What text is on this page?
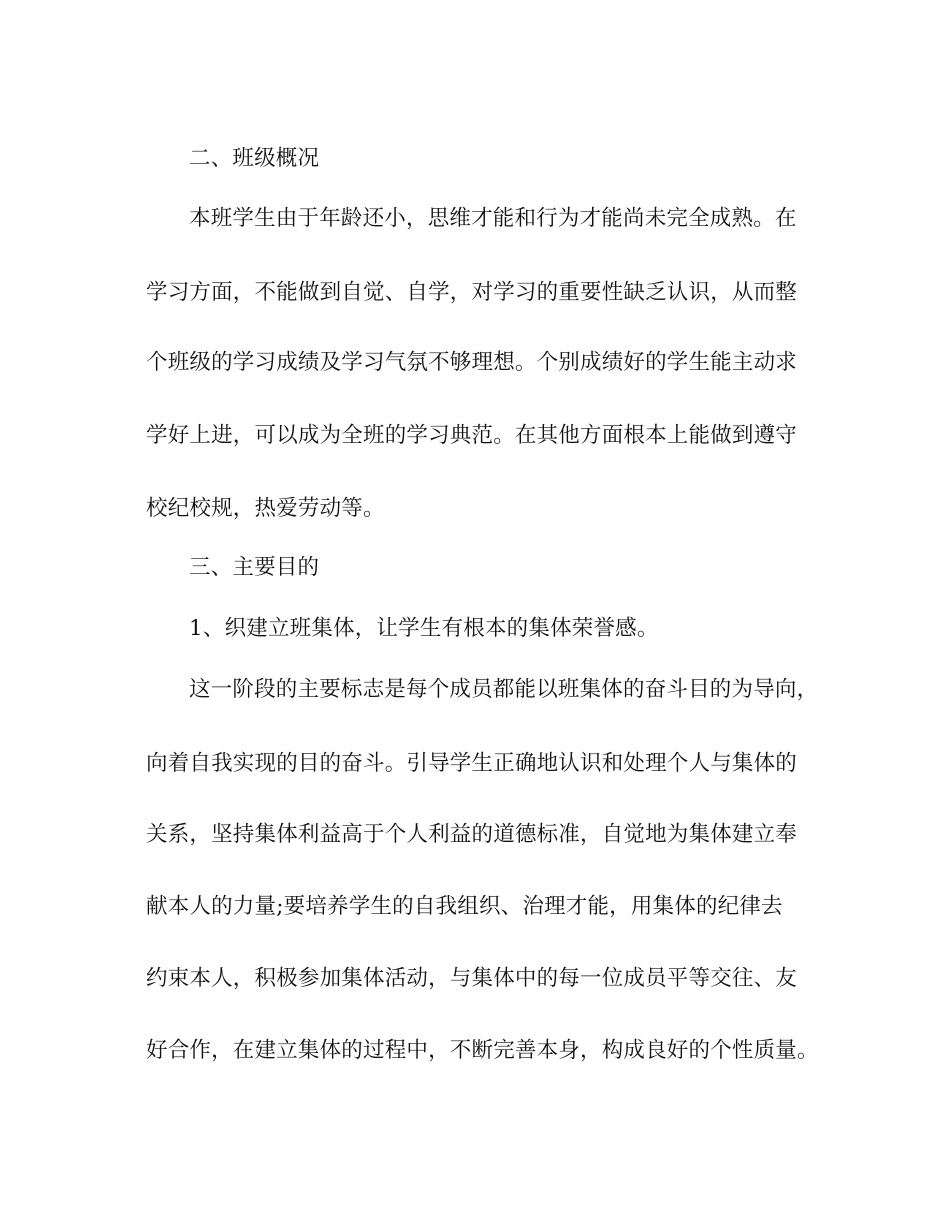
二、班级概况
本班学生由于年龄还小，思维才能和行为才能尚未完全成熟。在
学习方面，不能做到自觉、自学，对学习的重要性缺乏认识，从而整
个班级的学习成绩及学习气氛不够理想。个别成绩好的学生能主动求
学好上进，可以成为全班的学习典范。在其他方面根本上能做到遵守
校纪校规，热爱劳动等。
三、主要目的
1、织建立班集体，让学生有根本的集体荣誉感。
这一阶段的主要标志是每个成员都能以班集体的奋斗目的为导向，
向着自我实现的目的奋斗。引导学生正确地认识和处理个人与集体的
关系，坚持集体利益高于个人利益的道德标准，自觉地为集体建立奉
献本人的力量;要培养学生的自我组织、治理才能，用集体的纪律去
约束本人，积极参加集体活动，与集体中的每一位成员平等交往、友
好合作，在建立集体的过程中，不断完善本身，构成良好的个性质量。
